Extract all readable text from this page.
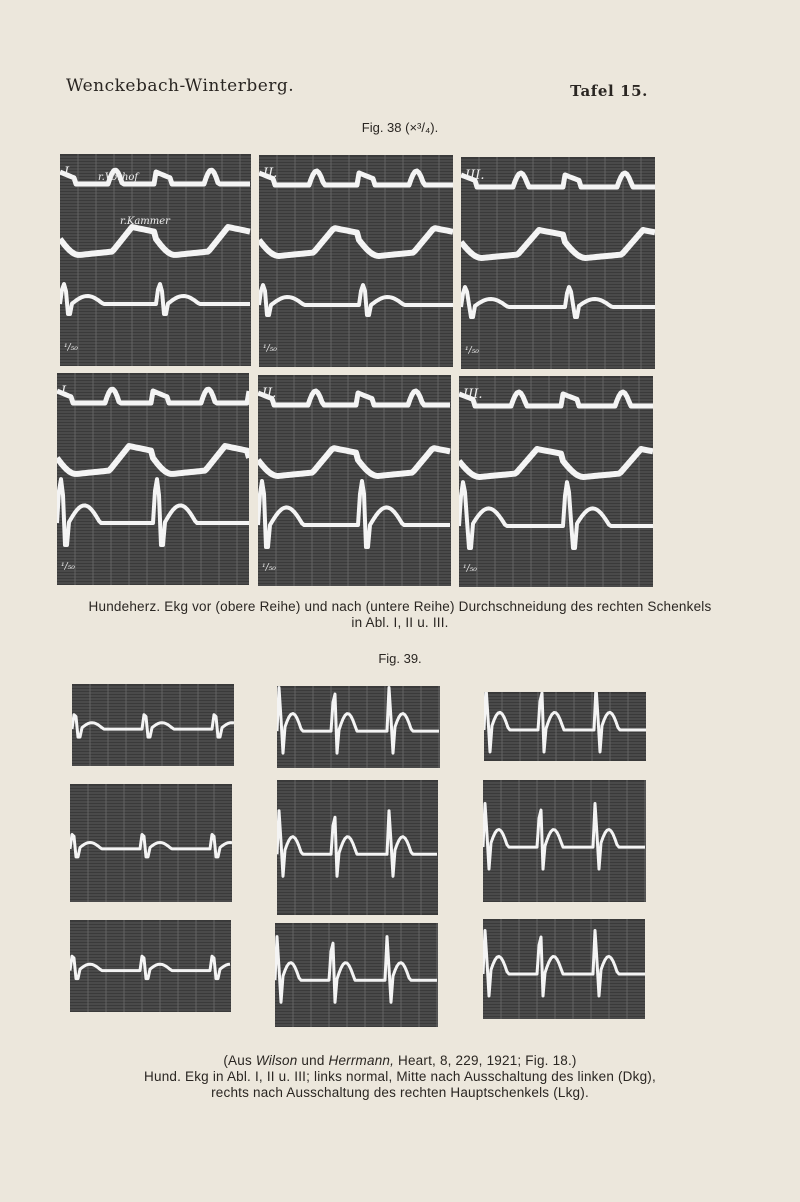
Wenckebach-Winterberg.	Tafel 15.
Fig. 38 (×³/₄).
I.
¹/₅₀
r.Vorhof
r.Kammer
II.
¹/₅₀
III.
¹/₅₀
I.
¹/₅₀
II.
¹/₅₀
III.
¹/₅₀

Hundeherz. Ekg vor (obere Reihe) und nach (untere Reihe) Durchschneidung des rechten Schenkels

in Abl. I, II u. III.

Fig. 39.

(Aus Wilson und Herrmann, Heart, 8, 229, 1921; Fig. 18.)

Hund. Ekg in Abl. I, II u. III; links normal, Mitte nach Ausschaltung des linken (Dkg),

rechts nach Ausschaltung des rechten Hauptschenkels (Lkg).
